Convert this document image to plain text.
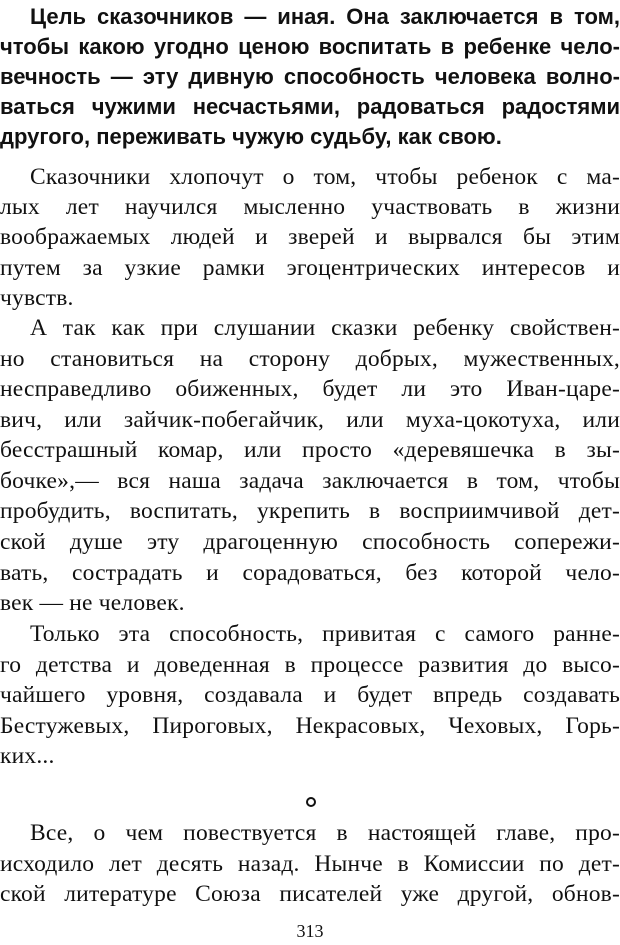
Цель сказочников — иная. Она заключается в том,

чтобы какою угодно ценою воспитать в ребенке чело-

вечность — эту дивную способность человека волно-

ваться чужими несчастьями, радоваться радостями

другого, переживать чужую судьбу, как свою.

Сказочники хлопочут о том, чтобы ребенок с ма-

лых лет научился мысленно участвовать в жизни

воображаемых людей и зверей и вырвался бы этим

путем за узкие рамки эгоцентрических интересов и

чувств.

А так как при слушании сказки ребенку свойствен-

но становиться на сторону добрых, мужественных,

несправедливо обиженных, будет ли это Иван-царе-

вич, или зайчик-побегайчик, или муха-цокотуха, или

бесстрашный комар, или просто «деревяшечка в зы-

бочке»,— вся наша задача заключается в том, чтобы

пробудить, воспитать, укрепить в восприимчивой дет-

ской душе эту драгоценную способность сопережи-

вать, сострадать и сорадоваться, без которой чело-

век — не человек.

Только эта способность, привитая с самого ранне-

го детства и доведенная в процессе развития до высо-

чайшего уровня, создавала и будет впредь создавать

Бестужевых, Пироговых, Некрасовых, Чеховых, Горь-

ких...

Все, о чем повествуется в настоящей главе, про-

исходило лет десять назад. Нынче в Комиссии по дет-

ской литературе Союза писателей уже другой, обнов-

313
